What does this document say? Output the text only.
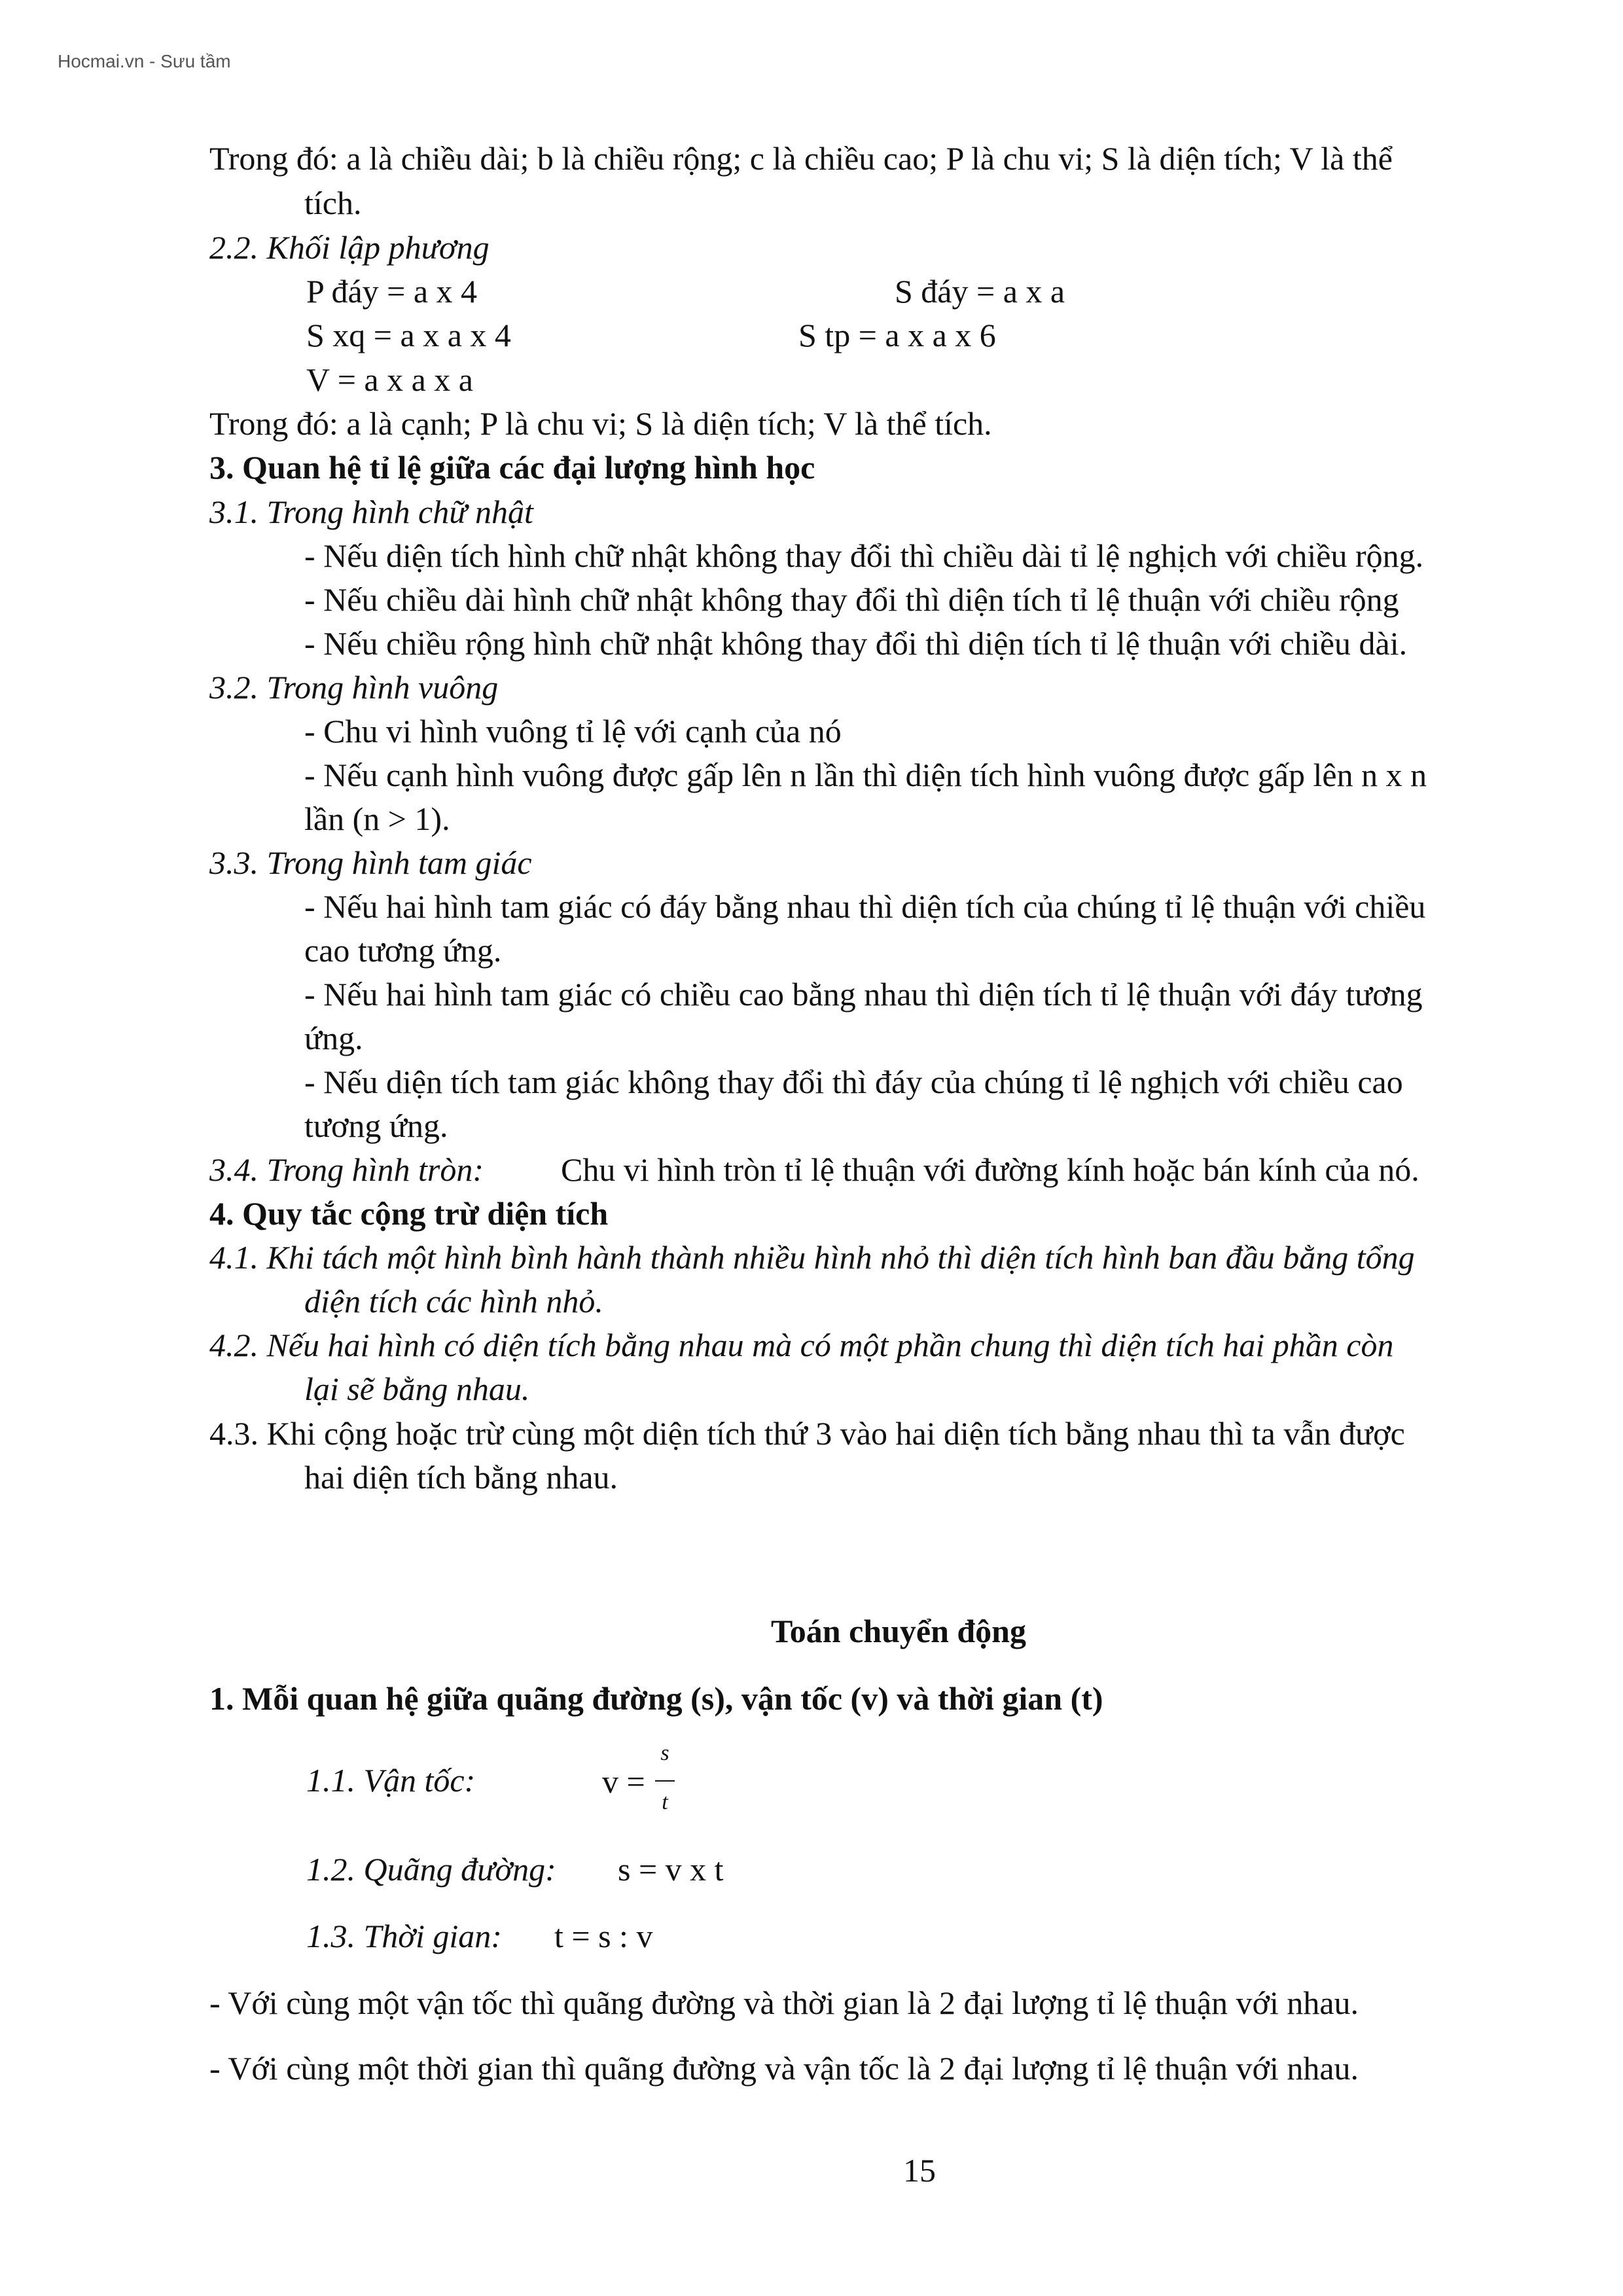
Hocmai.vn - Sưu tầm
Trong đó: a là chiều dài; b là chiều rộng; c là chiều cao; P là chu vi; S là diện tích; V là thể
tích.
2.2. Khối lập phương
P đáy = a x 4	S đáy = a x a
S xq = a x a x 4	S tp = a x a x 6
V = a x a x a
Trong đó: a là cạnh; P là chu vi; S là diện tích; V là thể tích.
3. Quan hệ tỉ lệ giữa các đại lượng hình học
3.1. Trong hình chữ nhật
- Nếu diện tích hình chữ nhật không thay đổi thì chiều dài tỉ lệ nghịch với chiều rộng.
- Nếu chiều dài hình chữ nhật không thay đổi thì diện tích tỉ lệ thuận với chiều rộng
- Nếu chiều rộng hình chữ nhật không thay đổi thì diện tích tỉ lệ thuận với chiều dài.
3.2. Trong hình vuông
- Chu vi hình vuông tỉ lệ với cạnh của nó
- Nếu cạnh hình vuông được gấp lên n lần thì diện tích hình vuông được gấp lên n x n
lần (n > 1).
3.3. Trong hình tam giác
- Nếu hai hình tam giác có đáy bằng nhau thì diện tích của chúng tỉ lệ thuận với chiều
cao tương ứng.
- Nếu hai hình tam giác có chiều cao bằng nhau thì diện tích tỉ lệ thuận với đáy tương
ứng.
- Nếu diện tích tam giác không thay đổi thì đáy của chúng tỉ lệ nghịch với chiều cao
tương ứng.
3.4. Trong hình tròn: Chu vi hình tròn tỉ lệ thuận với đường kính hoặc bán kính của nó.
4. Quy tắc cộng trừ diện tích
4.1. Khi tách một hình bình hành thành nhiều hình nhỏ thì diện tích hình ban đầu bằng tổng
diện tích các hình nhỏ.
4.2. Nếu hai hình có diện tích bằng nhau mà có một phần chung thì diện tích hai phần còn
lại sẽ bằng nhau.
4.3. Khi cộng hoặc trừ cùng một diện tích thứ 3 vào hai diện tích bằng nhau thì ta vẫn được
hai diện tích bằng nhau.
Toán chuyển động
1. Mỗi quan hệ giữa quãng đường (s), vận tốc (v) và thời gian (t)
1.1. Vận tốc:	v =
s
t
1.2. Quãng đường: s = v x t
1.3. Thời gian: t = s : v
- Với cùng một vận tốc thì quãng đường và thời gian là 2 đại lượng tỉ lệ thuận với nhau.
- Với cùng một thời gian thì quãng đường và vận tốc là 2 đại lượng tỉ lệ thuận với nhau.
15
